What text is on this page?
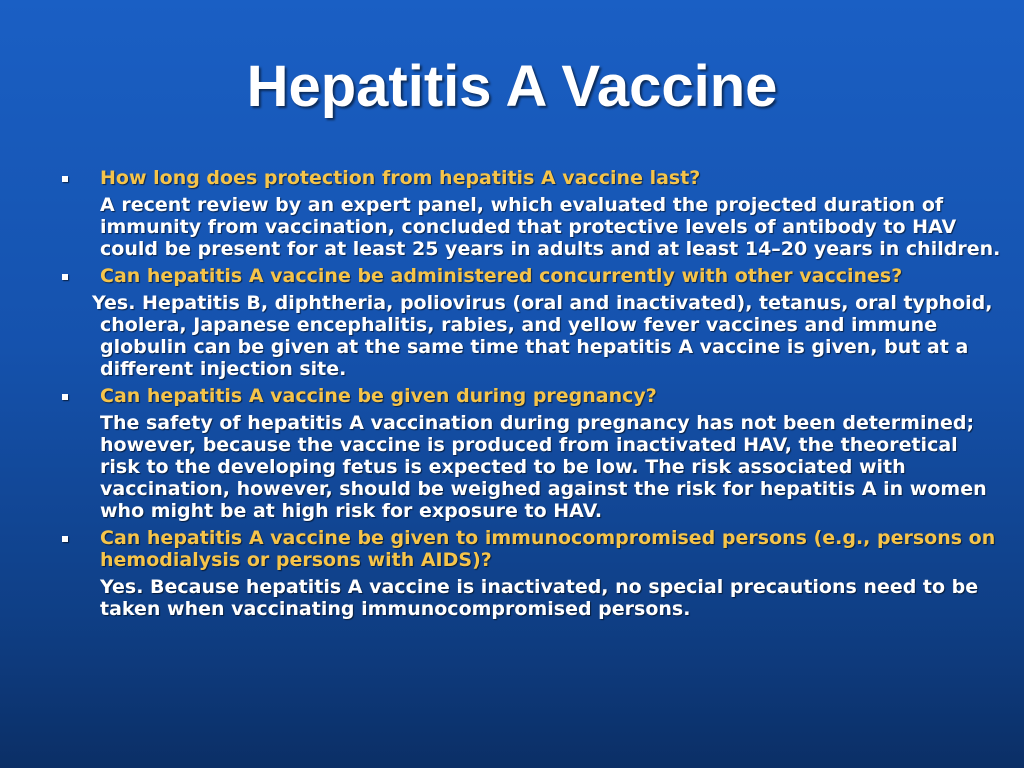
Hepatitis A Vaccine
How long does protection from hepatitis A vaccine last?
A recent review by an expert panel, which evaluated the projected duration of immunity from vaccination, concluded that protective levels of antibody to HAV could be present for at least 25 years in adults and at least 14–20 years in children.
Can hepatitis A vaccine be administered concurrently with other vaccines?
Yes. Hepatitis B, diphtheria, poliovirus (oral and inactivated), tetanus, oral typhoid, cholera, Japanese encephalitis, rabies, and yellow fever vaccines and immune globulin can be given at the same time that hepatitis A vaccine is given, but at a different injection site.
Can hepatitis A vaccine be given during pregnancy?
The safety of hepatitis A vaccination during pregnancy has not been determined; however, because the vaccine is produced from inactivated HAV, the theoretical risk to the developing fetus is expected to be low. The risk associated with vaccination, however, should be weighed against the risk for hepatitis A in women who might be at high risk for exposure to HAV.
Can hepatitis A vaccine be given to immunocompromised persons (e.g., persons on hemodialysis or persons with AIDS)?
Yes. Because hepatitis A vaccine is inactivated, no special precautions need to be taken when vaccinating immunocompromised persons.
